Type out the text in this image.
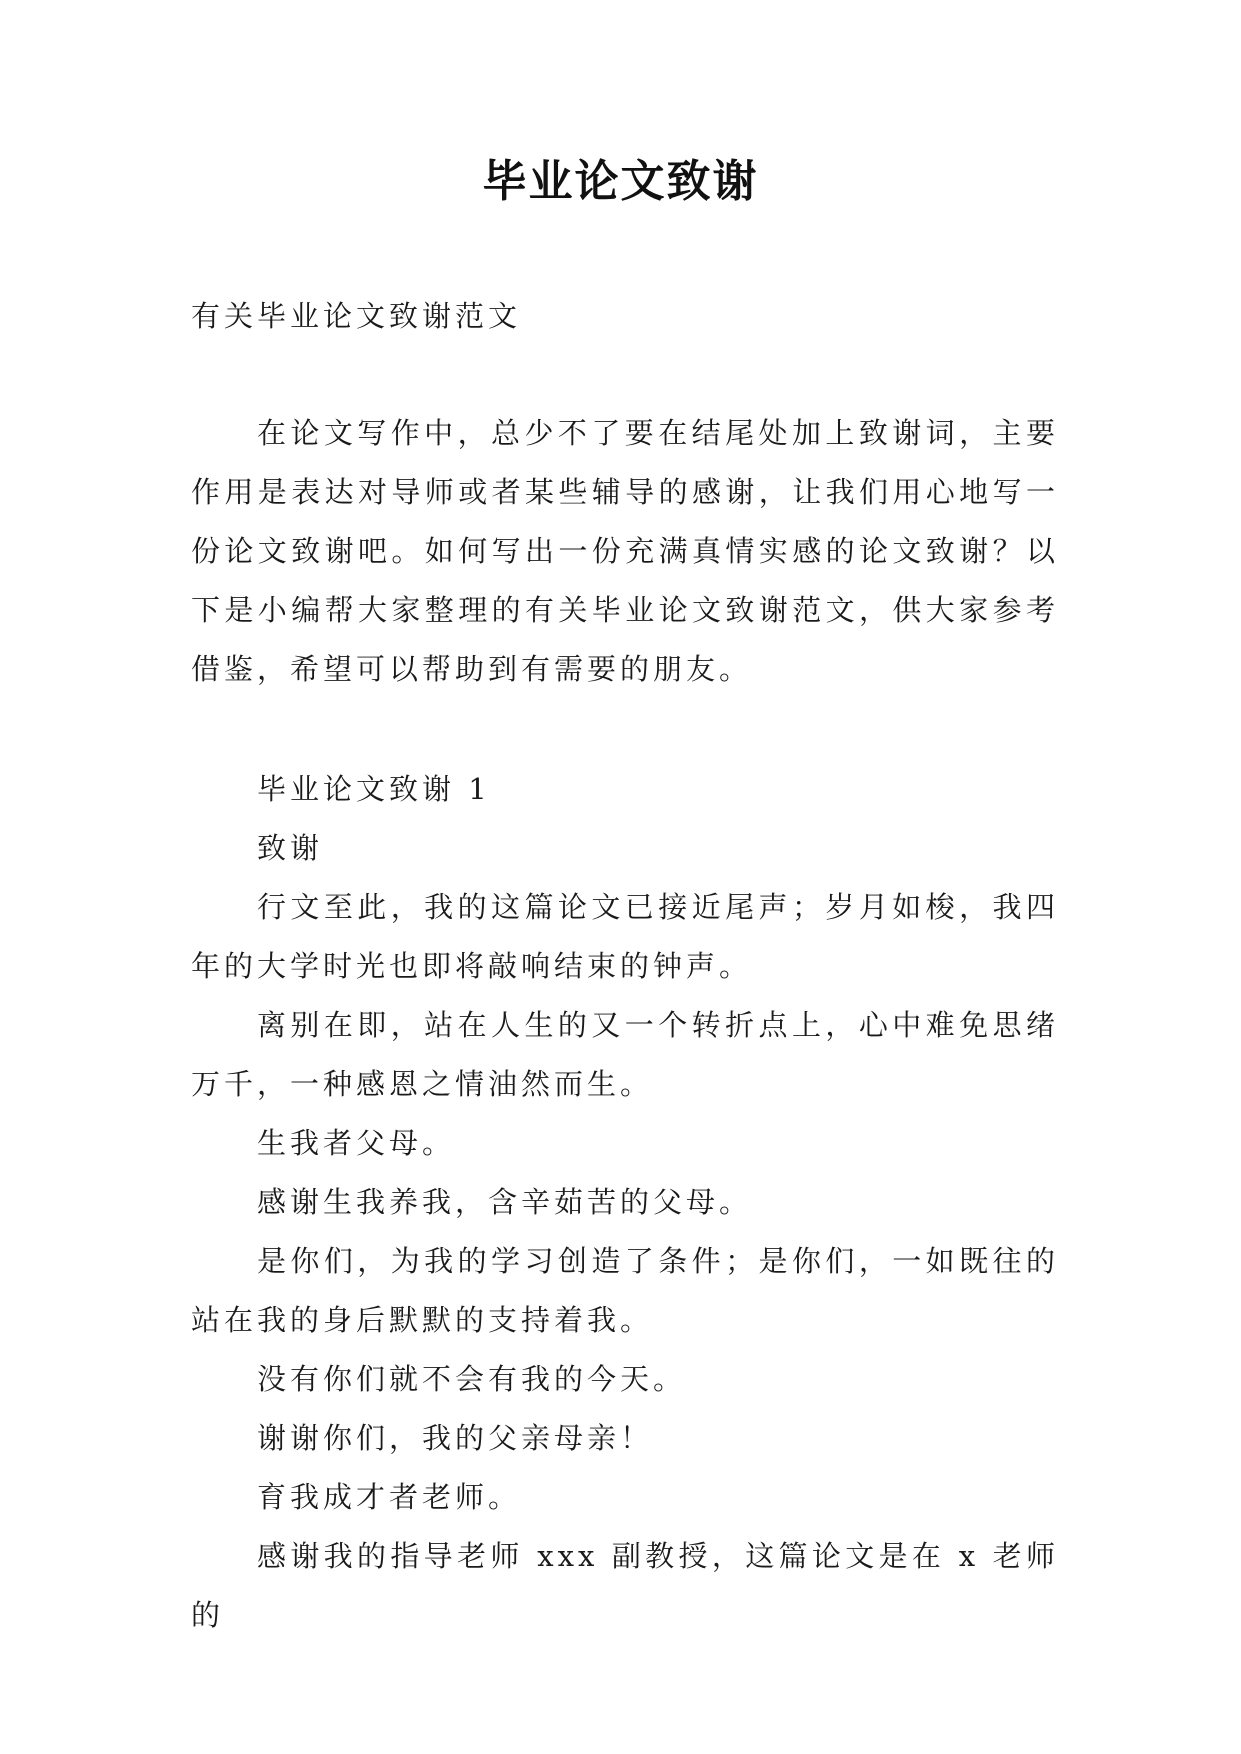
毕业论文致谢
有关毕业论文致谢范文

在论文写作中，总少不了要在结尾处加上致谢词，主要作用是表达对导师或者某些辅导的感谢，让我们用心地写一份论文致谢吧。如何写出一份充满真情实感的论文致谢？以下是小编帮大家整理的有关毕业论文致谢范文，供大家参考借鉴，希望可以帮助到有需要的朋友。

毕业论文致谢 1

致谢

行文至此，我的这篇论文已接近尾声；岁月如梭，我四年的大学时光也即将敲响结束的钟声。

离别在即，站在人生的又一个转折点上，心中难免思绪万千，一种感恩之情油然而生。

生我者父母。

感谢生我养我，含辛茹苦的父母。

是你们，为我的学习创造了条件；是你们，一如既往的站在我的身后默默的支持着我。

没有你们就不会有我的今天。

谢谢你们，我的父亲母亲！

育我成才者老师。

感谢我的指导老师 xxx 副教授，这篇论文是在 x 老师的
